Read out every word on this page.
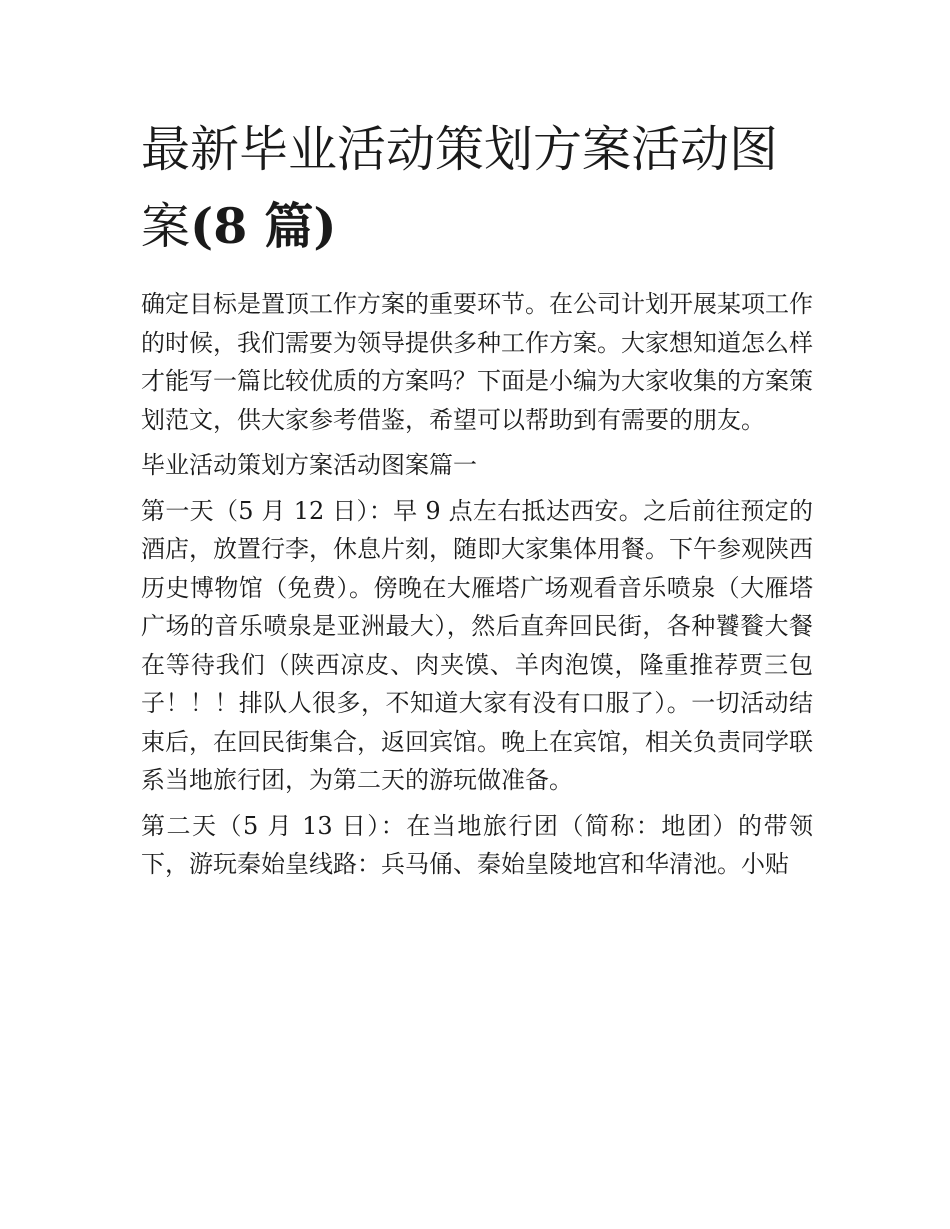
最新毕业活动策划方案活动图案(8 篇)

确定目标是置顶工作方案的重要环节。在公司计划开展某项工作的时候，我们需要为领导提供多种工作方案。大家想知道怎么样才能写一篇比较优质的方案吗？下面是小编为大家收集的方案策划范文，供大家参考借鉴，希望可以帮助到有需要的朋友。

毕业活动策划方案活动图案篇一

第一天（5 月 12 日）：早 9 点左右抵达西安。之后前往预定的酒店，放置行李，休息片刻，随即大家集体用餐。下午参观陕西历史博物馆（免费）。傍晚在大雁塔广场观看音乐喷泉（大雁塔广场的音乐喷泉是亚洲最大），然后直奔回民街，各种饕餮大餐在等待我们（陕西凉皮、肉夹馍、羊肉泡馍，隆重推荐贾三包子！！！排队人很多，不知道大家有没有口服了）。一切活动结束后，在回民街集合，返回宾馆。晚上在宾馆，相关负责同学联系当地旅行团，为第二天的游玩做准备。

第二天（5 月 13 日）：在当地旅行团（简称：地团）的带领下，游玩秦始皇线路：兵马俑、秦始皇陵地宫和华清池。小贴
